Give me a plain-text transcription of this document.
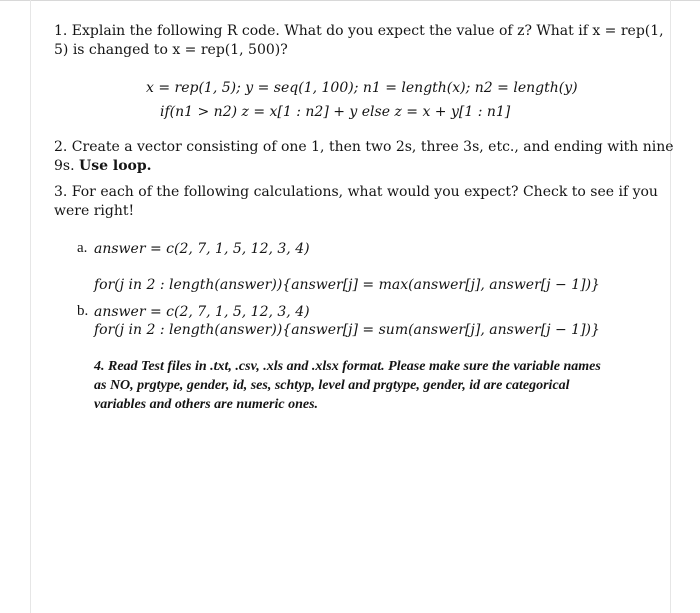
1. Explain the following R code. What do you expect the value of z? What if x = rep(1,
5) is changed to x = rep(1, 500)?
x = rep(1, 5); y = seq(1, 100); n1 = length(x); n2 = length(y)
if(n1 > n2) z = x[1 : n2] + y else z = x + y[1 : n1]
2. Create a vector consisting of one 1, then two 2s, three 3s, etc., and ending with nine
9s. Use loop.
3. For each of the following calculations, what would you expect? Check to see if you
were right!
a. answer = c(2, 7, 1, 5, 12, 3, 4)
for(j in 2 : length(answer)){answer[j] = max(answer[j], answer[j − 1])}
b. answer = c(2, 7, 1, 5, 12, 3, 4)
for(j in 2 : length(answer)){answer[j] = sum(answer[j], answer[j − 1])}
4. Read Test files in .txt, .csv, .xls and .xlsx format. Please make sure the variable names
as NO, prgtype, gender, id, ses, schtyp, level and prgtype, gender, id are categorical
variables and others are numeric ones.
